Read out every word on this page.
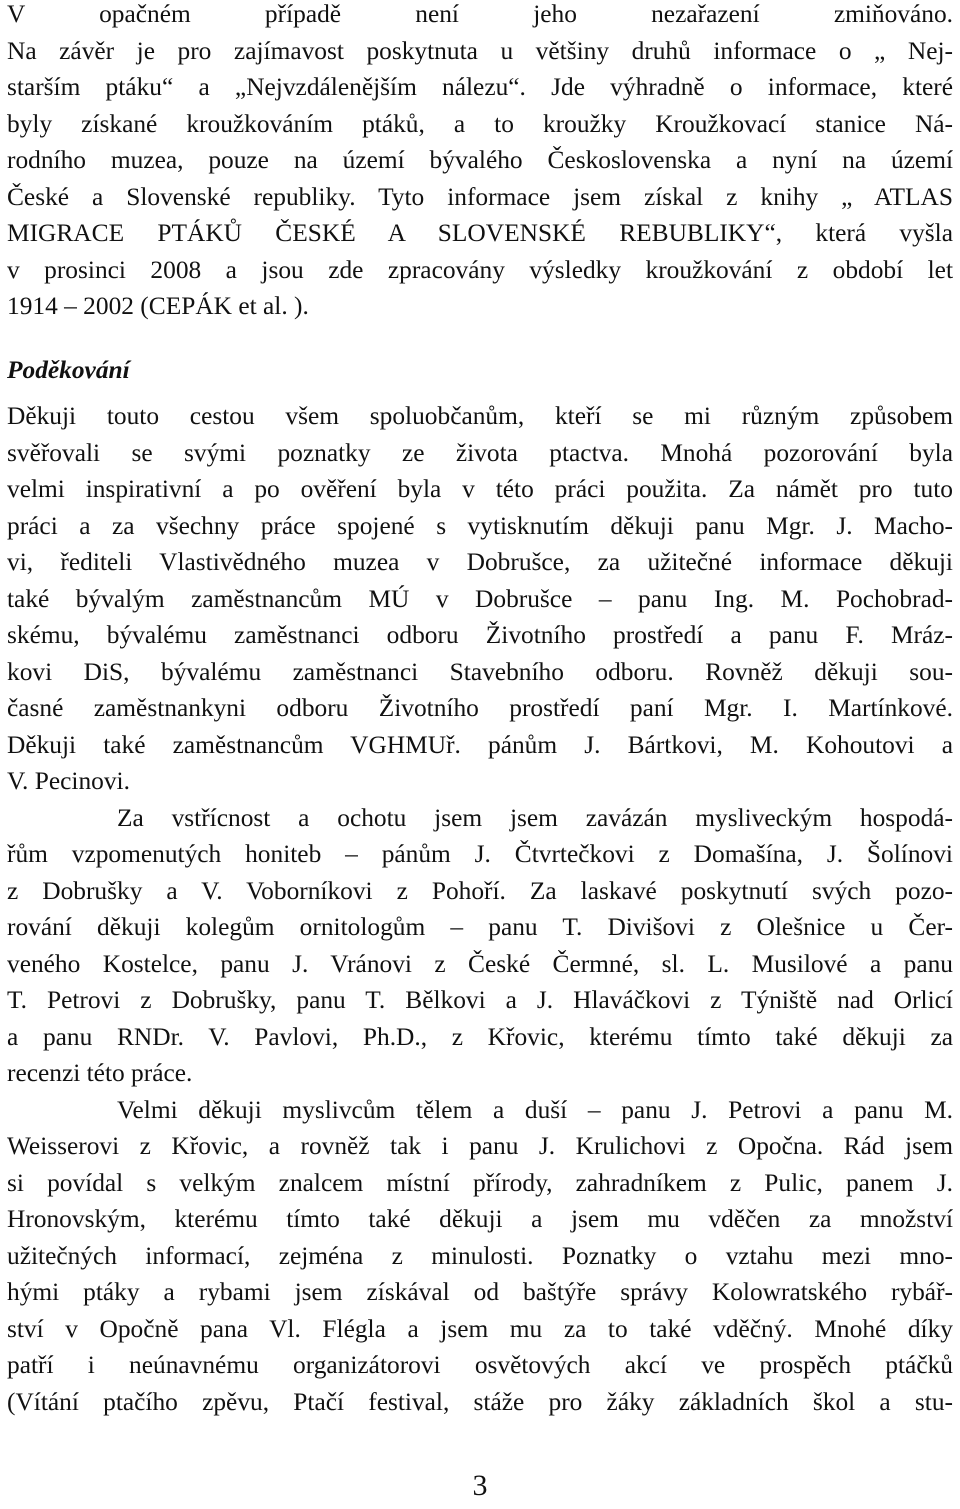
V opačném případě není jeho nezařazení zmiňováno.
Na závěr je pro zajímavost poskytnuta u většiny druhů informace o „ Nej-
starším ptáku“ a „Nejvzdálenějším nálezu“. Jde výhradně o informace, které
byly získané kroužkováním ptáků, a to kroužky Kroužkovací stanice Ná-
rodního muzea, pouze na území bývalého Československa a nyní na území
České a Slovenské republiky. Tyto informace jsem získal z knihy „ ATLAS
MIGRACE PTÁKŮ ČESKÉ A SLOVENSKÉ REBUBLIKY“, která vyšla
v prosinci 2008 a jsou zde zpracovány výsledky kroužkování z období let
1914 – 2002 (CEPÁK et al. ).
Poděkování
Děkuji touto cestou všem spoluobčanům, kteří se mi různým způsobem
svěřovali se svými poznatky ze života ptactva. Mnohá pozorování byla
velmi inspirativní a po ověření byla v této práci použita. Za námět pro tuto
práci a za všechny práce spojené s vytisknutím děkuji panu Mgr. J. Macho-
vi, řediteli Vlastivědného muzea v Dobrušce, za užitečné informace děkuji
také bývalým zaměstnancům MÚ v Dobrušce – panu Ing. M. Pochobrad-
skému, bývalému zaměstnanci odboru Životního prostředí a panu F. Mráz-
kovi DiS, bývalému zaměstnanci Stavebního odboru. Rovněž děkuji sou-
časné zaměstnankyni odboru Životního prostředí paní Mgr. I. Martínkové.
Děkuji také zaměstnancům VGHMUř. pánům J. Bártkovi, M. Kohoutovi a
V. Pecinovi.
Za vstřícnost a ochotu jsem jsem zavázán mysliveckým hospodá-
řům vzpomenutých honiteb – pánům J. Čtvrtečkovi z Domašína, J. Šolínovi
z Dobrušky a V. Voborníkovi z Pohoří. Za laskavé poskytnutí svých pozo-
rování děkuji kolegům ornitologům – panu T. Divišovi z Olešnice u Čer-
veného Kostelce, panu J. Vránovi z České Čermné, sl. L. Musilové a panu
T. Petrovi z Dobrušky, panu T. Bělkovi a J. Hlaváčkovi z Týniště nad Orlicí
a panu RNDr. V. Pavlovi, Ph.D., z Křovic, kterému tímto také děkuji za
recenzi této práce.
Velmi děkuji myslivcům tělem a duší – panu J. Petrovi a panu M.
Weisserovi z Křovic, a rovněž tak i panu J. Krulichovi z Opočna. Rád jsem
si povídal s velkým znalcem místní přírody, zahradníkem z Pulic, panem J.
Hronovským, kterému tímto také děkuji a jsem mu vděčen za množství
užitečných informací, zejména z minulosti. Poznatky o vztahu mezi mno-
hými ptáky a rybami jsem získával od baštýře správy Kolowratského rybář-
ství v Opočně pana Vl. Flégla a jsem mu za to také vděčný. Mnohé díky
patří i neúnavnému organizátorovi osvětových akcí ve prospěch ptáčků
(Vítání ptačího zpěvu, Ptačí festival, stáže pro žáky základních škol a stu-
3
